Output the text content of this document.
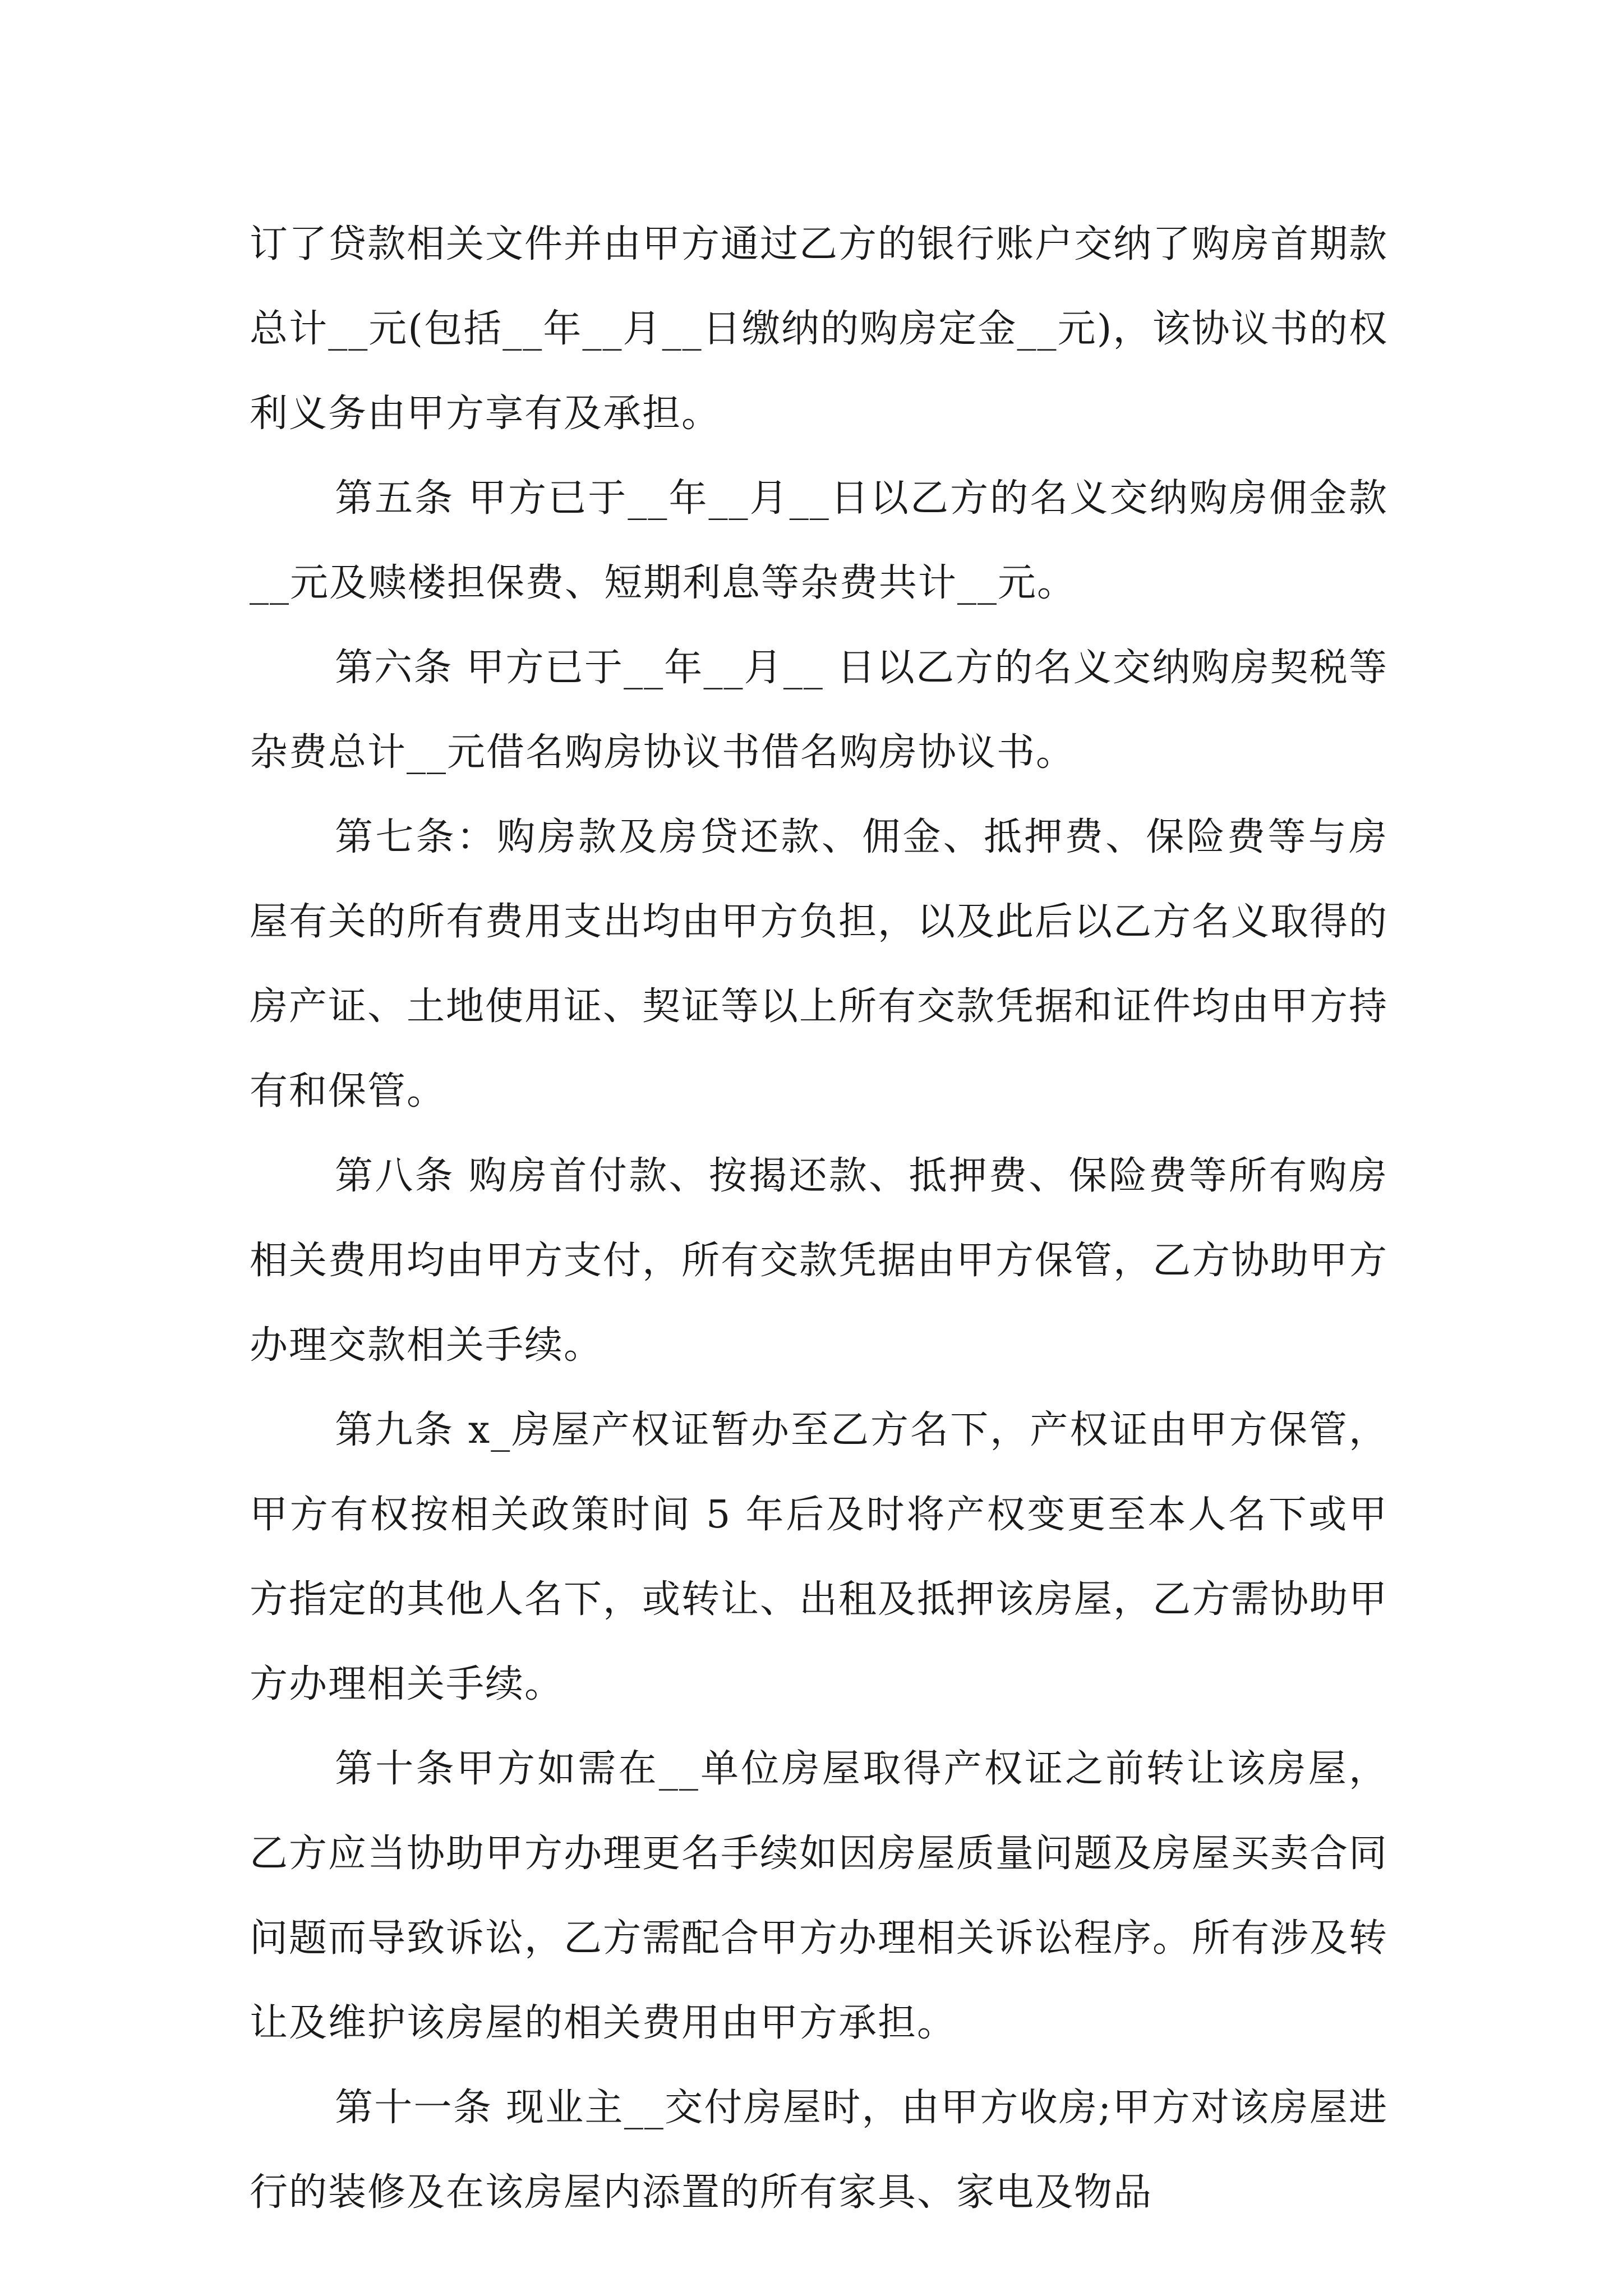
订了贷款相关文件并由甲方通过乙方的银行账户交纳了购房首期款总计__元(包括__年__月__日缴纳的购房定金__元)，该协议书的权利义务由甲方享有及承担。

第五条 甲方已于__年__月__日以乙方的名义交纳购房佣金款__元及赎楼担保费、短期利息等杂费共计__元。

第六条 甲方已于__年__月__ 日以乙方的名义交纳购房契税等杂费总计__元借名购房协议书借名购房协议书。

第七条：购房款及房贷还款、佣金、抵押费、保险费等与房屋有关的所有费用支出均由甲方负担，以及此后以乙方名义取得的房产证、土地使用证、契证等以上所有交款凭据和证件均由甲方持有和保管。

第八条 购房首付款、按揭还款、抵押费、保险费等所有购房相关费用均由甲方支付，所有交款凭据由甲方保管，乙方协助甲方办理交款相关手续。

第九条 x_房屋产权证暂办至乙方名下，产权证由甲方保管，甲方有权按相关政策时间 5 年后及时将产权变更至本人名下或甲方指定的其他人名下，或转让、出租及抵押该房屋，乙方需协助甲方办理相关手续。

第十条甲方如需在__单位房屋取得产权证之前转让该房屋，乙方应当协助甲方办理更名手续如因房屋质量问题及房屋买卖合同问题而导致诉讼，乙方需配合甲方办理相关诉讼程序。所有涉及转让及维护该房屋的相关费用由甲方承担。

第十一条 现业主__交付房屋时，由甲方收房;甲方对该房屋进行的装修及在该房屋内添置的所有家具、家电及物品
